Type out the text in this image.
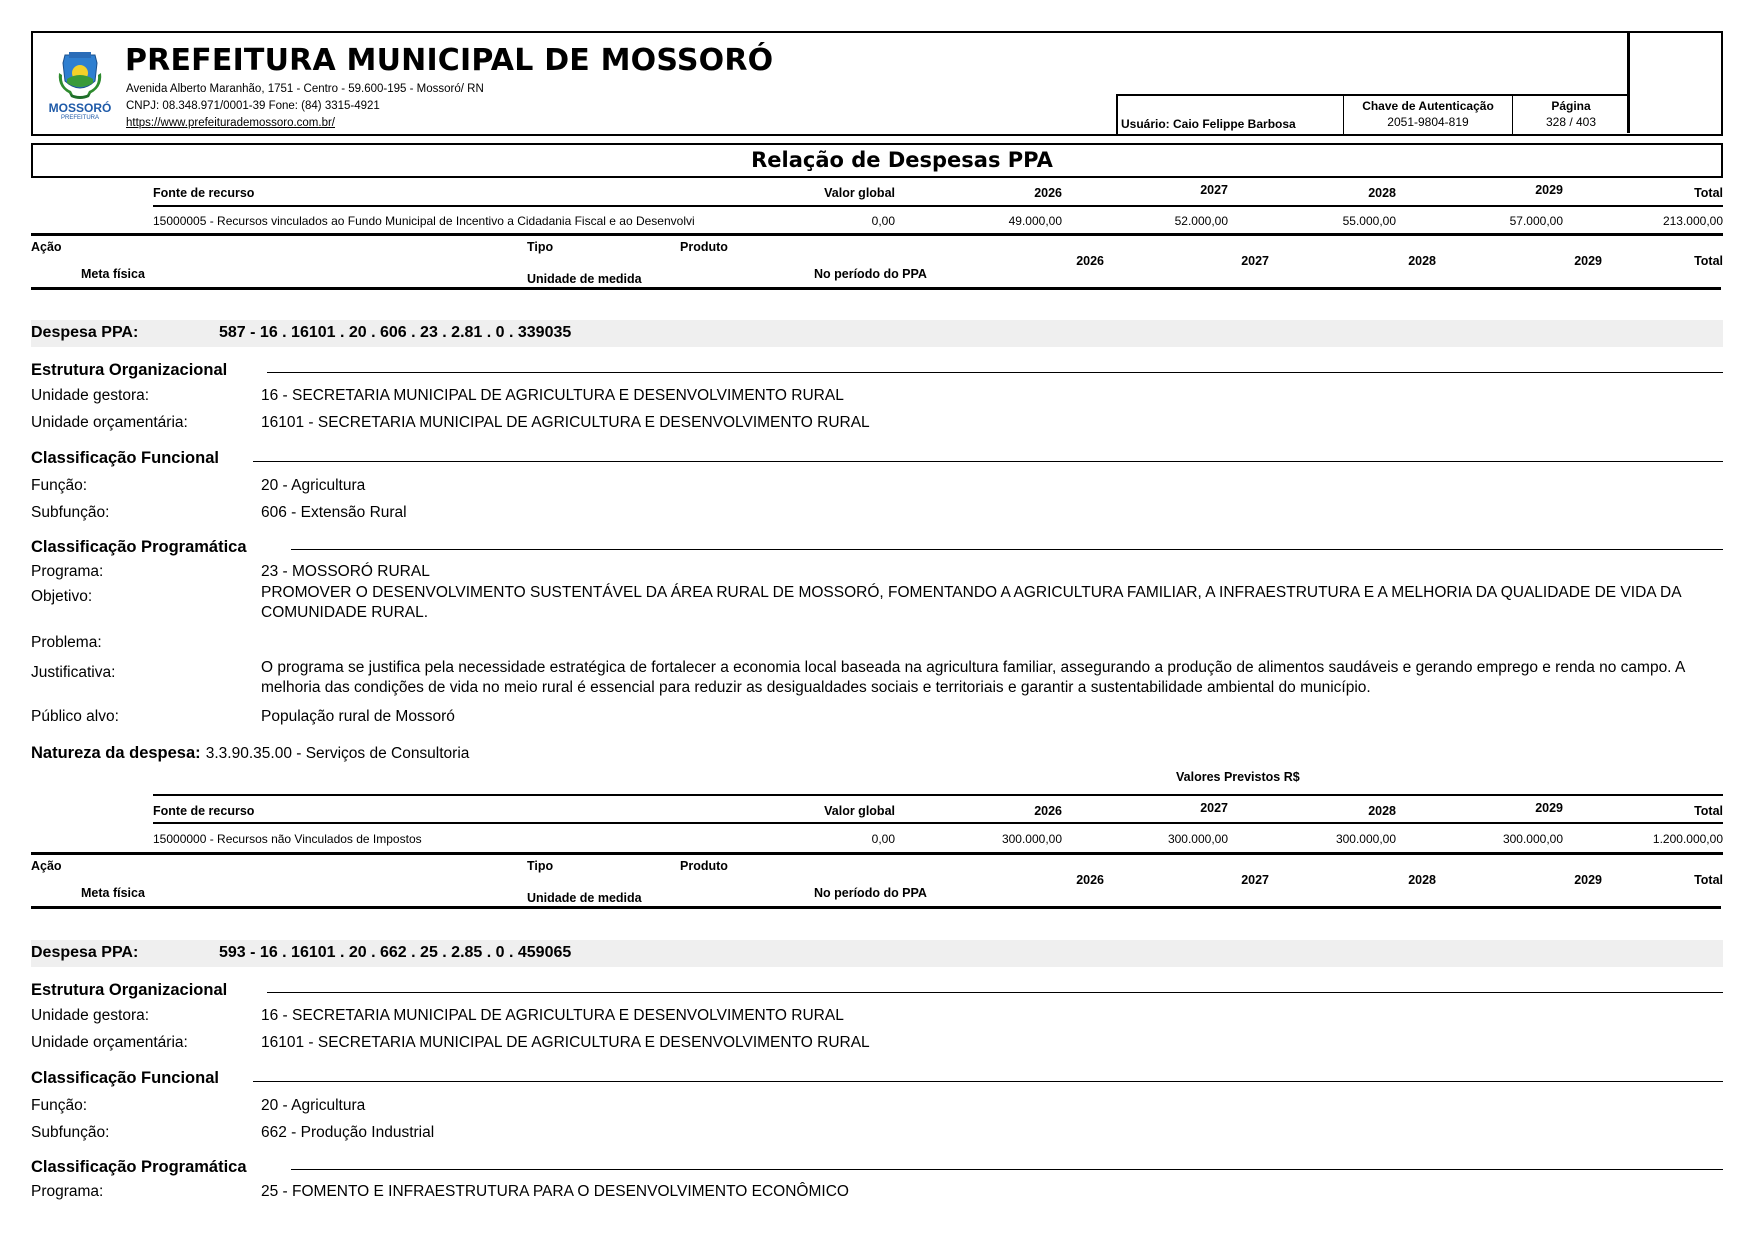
MOSSORÓ
PREFEITURA
PREFEITURA MUNICIPAL DE MOSSORÓ
Avenida Alberto Maranhão, 1751 - Centro - 59.600-195 - Mossoró/ RN
CNPJ: 08.348.971/0001-39 Fone: (84) 3315-4921
https://www.prefeiturademossoro.com.br/	Usuário: Caio Felippe Barbosa
Chave de Autenticação
2051-9804-819
Página
328 / 403
Relação de Despesas PPA
Fonte de recurso	Valor global	2026	2027	2028	2029	Total
15000005 - Recursos vinculados ao Fundo Municipal de Incentivo a Cidadania Fiscal e ao Desenvolvi	0,00	49.000,00	52.000,00	55.000,00	57.000,00	213.000,00
Ação	Tipo	Produto
Meta física	Unidade de medida	No período do PPA
2026	2027	2028	2029	Total
Despesa PPA:	587 - 16 . 16101 . 20 . 606 . 23 . 2.81 . 0 . 339035
Estrutura Organizacional
Unidade gestora:	16 - SECRETARIA MUNICIPAL DE AGRICULTURA E DESENVOLVIMENTO RURAL
Unidade orçamentária:	16101 - SECRETARIA MUNICIPAL DE AGRICULTURA E DESENVOLVIMENTO RURAL
Classificação Funcional
Função:	20 - Agricultura
Subfunção:	606 - Extensão Rural
Classificação Programática
Programa:	23 - MOSSORÓ RURAL
Objetivo:	PROMOVER O DESENVOLVIMENTO SUSTENTÁVEL DA ÁREA RURAL DE MOSSORÓ, FOMENTANDO A AGRICULTURA FAMILIAR, A INFRAESTRUTURA E A MELHORIA DA QUALIDADE DE VIDA DA COMUNIDADE RURAL.
Problema:
Justificativa:	O programa se justifica pela necessidade estratégica de fortalecer a economia local baseada na agricultura familiar, assegurando a produção de alimentos saudáveis e gerando emprego e renda no campo. A melhoria das condições de vida no meio rural é essencial para reduzir as desigualdades sociais e territoriais e garantir a sustentabilidade ambiental do município.
Público alvo:	População rural de Mossoró
Natureza da despesa: 3.3.90.35.00 - Serviços de Consultoria
Valores Previstos R$
Fonte de recurso	Valor global	2026	2027	2028	2029	Total
15000000 - Recursos não Vinculados de Impostos	0,00	300.000,00	300.000,00	300.000,00	300.000,00	1.200.000,00
Ação	Tipo	Produto
Meta física	Unidade de medida	No período do PPA
2026	2027	2028	2029	Total
Despesa PPA:	593 - 16 . 16101 . 20 . 662 . 25 . 2.85 . 0 . 459065
Estrutura Organizacional
Unidade gestora:	16 - SECRETARIA MUNICIPAL DE AGRICULTURA E DESENVOLVIMENTO RURAL
Unidade orçamentária:	16101 - SECRETARIA MUNICIPAL DE AGRICULTURA E DESENVOLVIMENTO RURAL
Classificação Funcional
Função:	20 - Agricultura
Subfunção:	662 - Produção Industrial
Classificação Programática
Programa:	25 - FOMENTO E INFRAESTRUTURA PARA O DESENVOLVIMENTO ECONÔMICO
